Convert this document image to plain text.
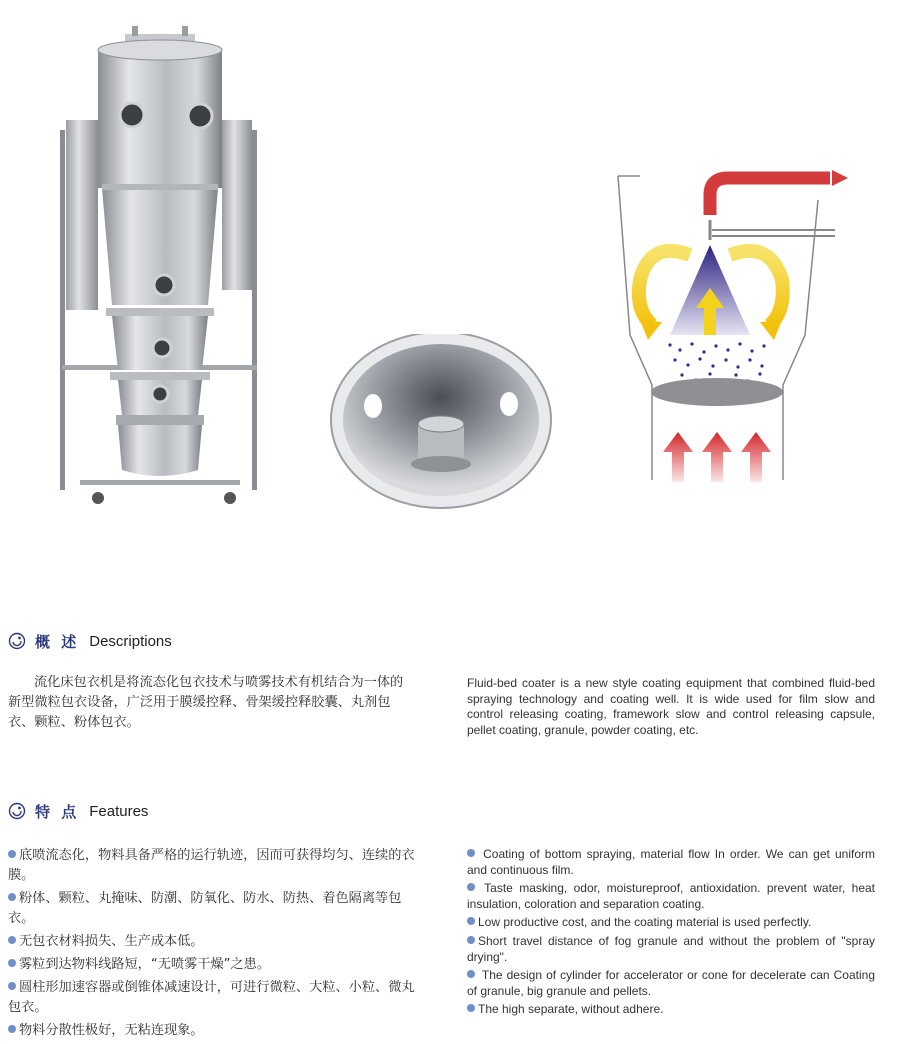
概 述 Descriptions
流化床包衣机是将流态化包衣技术与喷雾技术有机结合为一体的新型微粒包衣设备，广泛用于膜缓控释、骨架缓控释胶囊、丸剂包衣、颗粒、粉体包衣。
Fluid-bed coater is a new style coating equipment that combined fluid-bed spraying technology and coating well. It is wide used for film slow and control releasing coating, framework slow and control releasing capsule, pellet coating, granule, powder coating, etc.
特 点 Features

底喷流态化，物料具备严格的运行轨迹，因而可获得均匀、连续的衣膜。

粉体、颗粒、丸掩味、防潮、防氧化、防水、防热、着色隔离等包衣。

无包衣材料损失、生产成本低。

雾粒到达物料线路短，“无喷雾干燥”之患。

圆柱形加速容器或倒锥体减速设计，可进行微粒、大粒、小粒、微丸包衣。

物料分散性极好，无粘连现象。

Coating of bottom spraying, material flow In order. We can get uniform and continuous film.

Taste masking, odor, moistureproof, antioxidation. prevent water, heat insulation, coloration and separation coating.

Low productive cost, and the coating material is used perfectly.

Short travel distance of fog granule and without the problem of "spray drying".

The design of cylinder for accelerator or cone for decelerate can Coating of granule, big granule and pellets.

The high separate, without adhere.
